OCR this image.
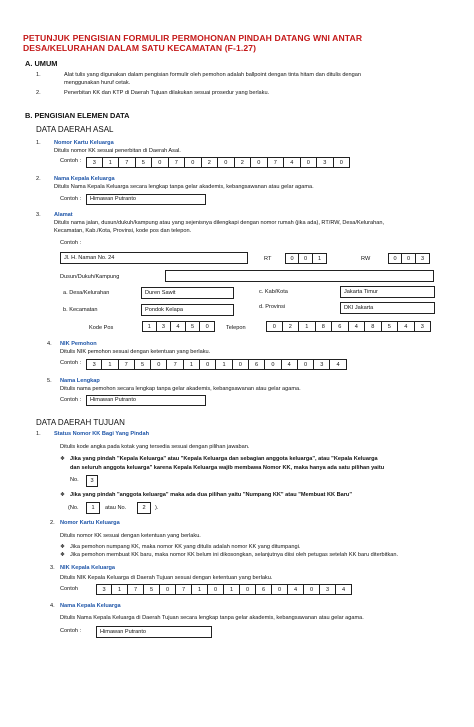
PETUNJUK PENGISIAN FORMULIR PERMOHONAN PINDAH DATANG WNI ANTAR
DESA/KELURAHAN DALAM SATU KECAMATAN (F-1.27)
A. UMUM
1.	Alat tulis yang digunakan dalam pengisian formulir oleh pemohon adalah ballpoint dengan tinta hitam dan ditulis dengan
menggunakan huruf cetak.
2.	Penerbitan KK dan KTP di Daerah Tujuan dilakukan sesuai prosedur yang berlaku.
B. PENGISIAN ELEMEN DATA
DATA DAERAH ASAL
1. Nomor Kartu Keluarga
Ditulis nomor KK sesuai penerbitan di Daerah Asal.
Contoh :	3	1	7	5	0	7	0	2	0	2	0	7	4	0	3	0
2. Nama Kepala Keluarga
Ditulis Nama Kepala Keluarga secara lengkap tanpa gelar akademis, kebangsawanan atau gelar agama.
Contoh :	Himawan Putranto
3. Alamat
Ditulis nama jalan, dusun/dukuh/kampung atau yang sejenisnya dilengkapi dengan nomor rumah (jika ada), RT/RW, Desa/Kelurahan,
Kecamatan, Kab./Kota, Provinsi, kode pos dan telepon.
Contoh :
Jl. H. Naman No. 24	RT	0	0	1	RW	0	0	3
Dusun/Dukuh/Kampung
a. Desa/Kelurahan	Duren Sawit	c. Kab/Kota	Jakarta Timur
b. Kecamatan	Pondok Kelapa	d. Provinsi	DKI Jakarta
Kode Pos	1	3	4	5	0	Telepon	0	2	1	8	6	4	8	5	4	3
4. NIK Pemohon
Ditulis NIK pemohon sesuai dengan ketentuan yang berlaku.
Contoh :	3	1	7	5	0	7	1	0	1	0	6	0	4	0	3	4
5. Nama Lengkap
Ditulis nama pemohon secara lengkap tanpa gelar akademis, kebangsawanan atau gelar agama.
Contoh :	Himawan Putranto
DATA DAERAH TUJUAN
1. Status Nomor KK Bagi Yang Pindah
Ditulis kode angka pada kotak yang tersedia sesuai dengan pilihan jawaban.
❖ Jika yang pindah "Kepala Keluarga" atau "Kepala Keluarga dan sebagian anggota keluarga", atau "Kepala Keluarga
dan seluruh anggota keluarga" karena Kepala Keluarga wajib membawa Nomor KK, maka hanya ada satu pilihan yaitu
No.	3
❖ Jika yang pindah "anggota keluarga" maka ada dua pilihan yaitu "Numpang KK" atau "Membuat KK Baru"
(No.	1	atau No.	2	).
2. Nomor Kartu Keluarga
Ditulis nomor KK sesuai dengan ketentuan yang berlaku.
❖ Jika pemohon numpang KK, maka nomor KK yang ditulis adalah nomor KK yang ditumpangi.
❖ Jika pemohon membuat KK baru, maka nomor KK belum ini dikosongkan, selanjutnya diisi oleh petugas setelah KK baru diterbitkan.
3. NIK Kepala Keluarga
Ditulis NIK Kepala Keluarga di Daerah Tujuan sesuai dengan ketentuan yang berlaku.
Contoh	3	1	7	5	0	7	1	0	1	0	6	0	4	0	3	4
4. Nama Kepala Keluarga
Ditulis Nama Kepala Keluarga di Daerah Tujuan secara lengkap tanpa gelar akademis, kebangsawanan atau gelar agama.
Contoh :	Himawan Putranto
